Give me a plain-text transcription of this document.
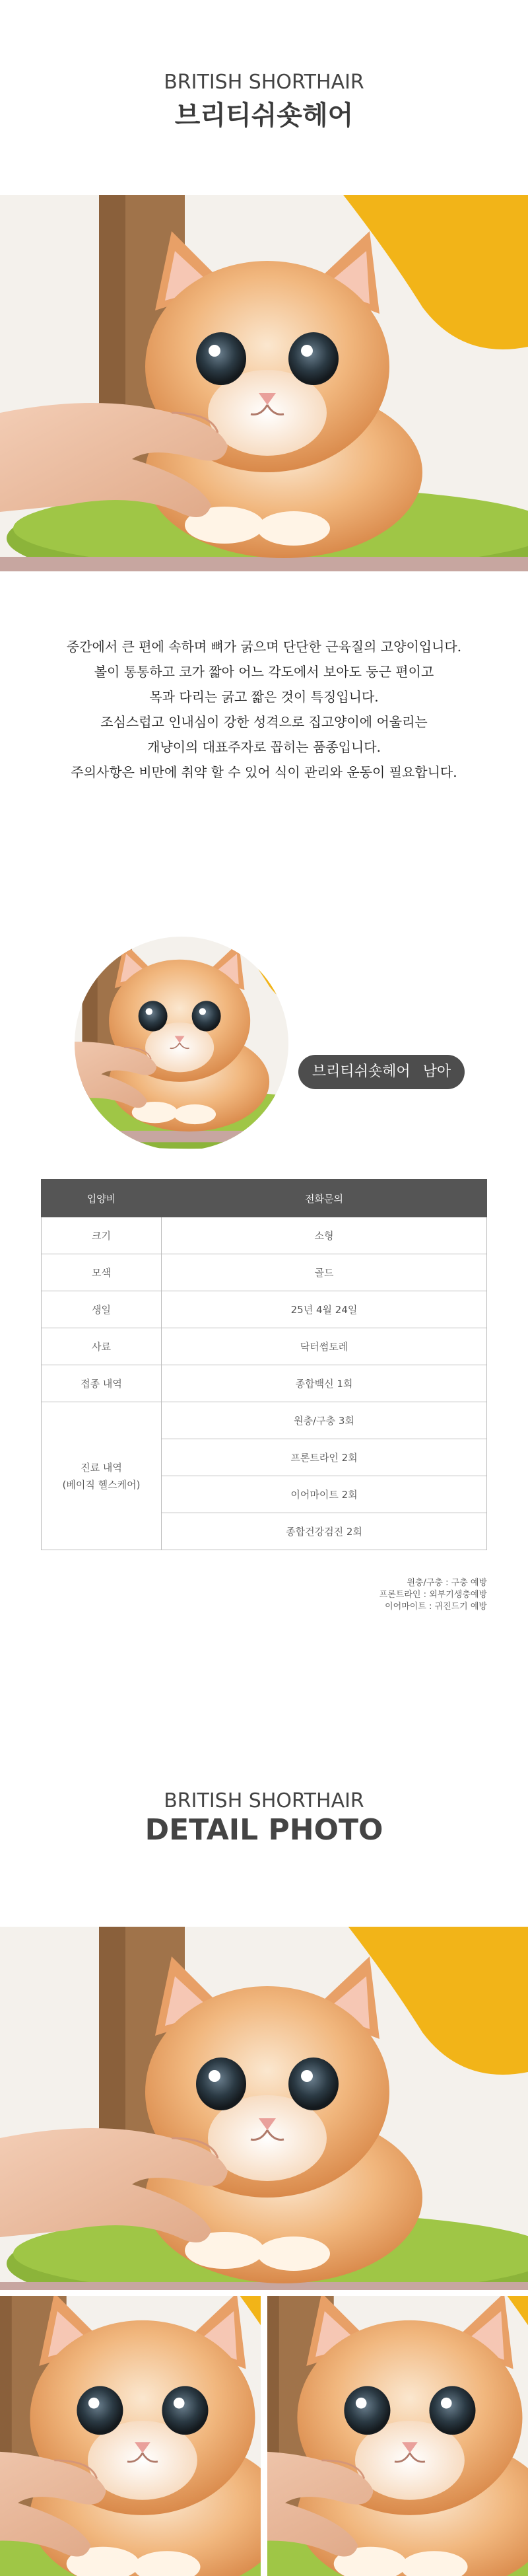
BRITISH SHORTHAIR
브리티쉬숏헤어
중간에서 큰 편에 속하며 뼈가 굵으며 단단한 근육질의 고양이입니다.
볼이 통통하고 코가 짧아 어느 각도에서 보아도 둥근 편이고
목과 다리는 굵고 짧은 것이 특징입니다.
조심스럽고 인내심이 강한 성격으로 집고양이에 어울리는
개냥이의 대표주자로 꼽히는 품종입니다.
주의사항은 비만에 취약 할 수 있어 식이 관리와 운동이 필요합니다.
브리티쉬숏헤어 남아
입양비	전화문의
크기	소형
모색	골드
생일	25년 4월 24일
사료	닥터썸토레
접종 내역	종합백신 1회

진료 내역
(베이직 헬스케어)	원충/구충 3회
	프론트라인 2회
	이어마이트 2회
	종합건강검진 2회
원충/구충 : 구충 예방
프론트라인 : 외부기생충예방
이어마이트 : 귀진드기 예방
BRITISH SHORTHAIR
DETAIL PHOTO
